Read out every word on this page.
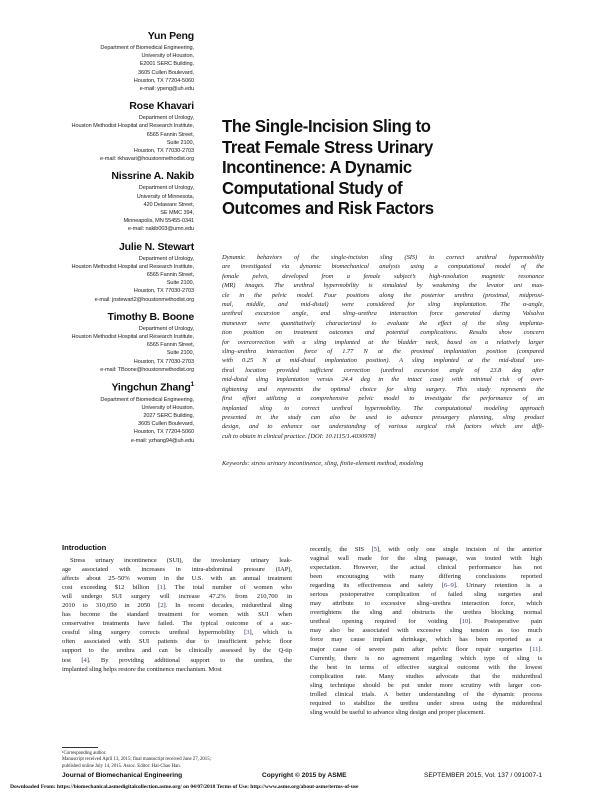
Yun Peng
Department of Biomedical Engineering,
University of Houston,
E2001 SERC Building,
3605 Cullen Boulevard,
Houston, TX 77204-5060
e-mail: ypeng@uh.edu
Rose Khavari
Department of Urology,
Houston Methodist Hospital and Research Institute,
6565 Fannin Street,
Suite 2100,
Houston, TX 77030-2703
e-mail: rkhavari@houstonmethodist.org
Nissrine A. Nakib
Department of Urology,
University of Minnesota,
420 Delaware Street,
SE MMC 394,
Minneapolis, MN 55455-0341
e-mail: nakib003@umn.edu
Julie N. Stewart
Department of Urology,
Houston Methodist Hospital and Research Institute,
6565 Fannin Street,
Suite 2100,
Houston, TX 77030-2703
e-mail: jnstewart2@houstonmethodist.org
Timothy B. Boone
Department of Urology,
Houston Methodist Hospital and Research Institute,
6565 Fannin Street,
Suite 2100,
Houston, TX 77030-2703
e-mail: TBoone@houstonmethodist.org
Yingchun Zhang$^1$
Department of Biomedical Engineering,
University of Houston,
2027 SERC Building,
3605 Cullen Boulevard,
Houston, TX 77204-5060
e-mail: yzhang94@uh.edu
The Single-Incision Sling to
Treat Female Stress Urinary
Incontinence: A Dynamic
Computational Study of
Outcomes and Risk Factors
Dynamic behaviors of the single-incision sling (SIS) to correct urethral hypermobility
are investigated via dynamic biomechanical analysis using a computational model of the
female pelvis, developed from a female subject’s high-resolution magnetic resonance
(MR) images. The urethral hypermobility is simulated by weakening the levator ani mus-
cle in the pelvic model. Four positions along the posterior urethra (proximal, midproxi-
mal, middle, and mid-distal) were considered for sling implantation. The α-angle,
urethral excursion angle, and sling–urethra interaction force generated during Valsalva
maneuver were quantitatively characterized to evaluate the effect of the sling implanta-
tion position on treatment outcomes and potential complications. Results show concern
for overcorrection with a sling implanted at the bladder neck, based on a relatively larger
sling–urethra interaction force of 1.77 N at the proximal implantation position (compared
with 0.25 N at mid-distal implantation position). A sling implanted at the mid-distal ure-
thral location provided sufficient correction (urethral excursion angle of 23.8 deg after
mid-distal sling implantation versus 24.4 deg in the intact case) with minimal risk of over-
tightening and represents the optimal choice for sling surgery. This study represents the
first effort utilizing a comprehensive pelvic model to investigate the performance of an
implanted sling to correct urethral hypermobility. The computational modeling approach
presented in the study can also be used to advance presurgery planning, sling product
design, and to enhance our understanding of various surgical risk factors which are diffi-
cult to obtain in clinical practice. [DOI: 10.1115/1.4030978]
Keywords: stress urinary incontinence, sling, finite-element method, modeling
Introduction
Stress urinary incontinence (SUI), the involuntary urinary leak-
age associated with increases in intra-abdominal pressure (IAP),
affects about 25–50% women in the U.S. with an annual treatment
cost exceeding $12 billion [1]. The total number of women who
will undergo SUI surgery will increase 47.2% from 210,700 in
2010 to 310,050 in 2050 [2]. In recent decades, midurethral sling
has become the standard treatment for women with SUI when
conservative treatments have failed. The typical outcome of a suc-
cessful sling surgery corrects urethral hypermobility [3], which is
often associated with SUI patients due to insufficient pelvic floor
support to the urethra and can be clinically assessed by the Q-tip
test [4]. By providing additional support to the urethra, the
implanted sling helps restore the continence mechanism. Most
recently, the SIS [5], with only one single incision of the anterior
vaginal wall made for the sling passage, was touted with high
expectation. However, the actual clinical performance has not
been encouraging with many differing conclusions reported
regarding its effectiveness and safety [6–9]. Urinary retention is a
serious postoperative complication of failed sling surgeries and
may attribute to excessive sling–urethra interaction force, which
overtightens the sling and obstructs the urethra blocking normal
urethral opening required for voiding [10]. Postoperative pain
may also be associated with excessive sling tension as too much
force may cause implant shrinkage, which has been reported as a
major cause of severe pain after pelvic floor repair surgeries [11].
Currently, there is no agreement regarding which type of sling is
the best in terms of effective surgical outcome with the lowest
complication rate. Many studies advocate that the midurethral
sling technique should be put under more scrutiny with larger con-
trolled clinical trials. A better understanding of the dynamic process
required to stabilize the urethra under stress using the midurethral
sling would be useful to advance sling design and proper placement.
¹Corresponding author.
Manuscript received April 13, 2015; final manuscript received June 27, 2015;
published online July 14, 2015. Assoc. Editor: Hai-Chao Han.
Journal of Biomechanical Engineering	Copyright © 2015 by ASME	SEPTEMBER 2015, Vol. 137 / 091007-1
Downloaded From: https://biomechanical.asmedigitalcollection.asme.org/ on 04/07/2018 Terms of Use: http://www.asme.org/about-asme/terms-of-use
